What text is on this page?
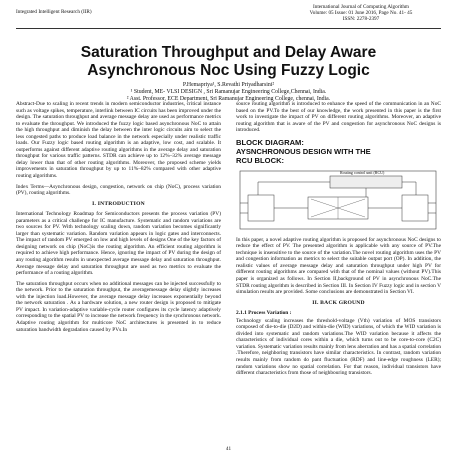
Integrated Intelligent Research (IIR)
International Journal of Computing Algorithm
Volume: 05 Issue: 01 June 2016, Page No. 41- 45
ISSN: 2278-2397
Saturation Throughput and Delay Aware
Asynchronous Noc Using Fuzzy Logic
P.Hemapriya¹, S.Revathi Priyadharsini²
¹ Student, ME- VLSI DESIGN , Sri Ramanujar Engineering College,Chennai, India.
² Asst. Professor, ECE Department, Sri Ramanujar Engineering College, chennai, India.

Abstract-Due to scaling in recent trends in modern semiconductor industries, critical instance such as voltage spikes, temperature, interlink between IC circuits has been improved under the design. The saturation throughput and average message delay are used as performance metrics to evaluate the throughput. We introduced the fuzzy logic based asynchronous NoC to attain the high throughput and diminish the delay between the inter logic circuits aim to select the less congested paths to produce load balance in the network especially under realistic traffic loads. Our Fuzzy logic based routing algorithm is an adaptive, low cost, and scalable. It outperforms against different adaptive routing algorithms in the average delay and saturation throughput for various traffic patterns. STDR can achieve up to 12%–32% average message delay lower than that of other routing algorithms. Moreover, the proposed scheme yields improvements in saturation throughput by up to 11%–82% compared with other adaptive routing algorithms.

Index Terms—Asynchronous design, congestion, network on chip (NoC), process variation (PV), routing algorithms.

I. INTRODUCTION

International Technology Roadmap for Semiconductors presents the process variation (PV) parameters as a critical challenge for IC manufacture. Systematic and random variations are two sources for PV. With technology scaling down, random variation becomes significantly larger than systematic variation. Random variation appears in logic gates and interconnects. The impact of random PV emerged on low and high levels of designs One of the key factors of designing network on chip (NoC)is the routing algorithm. An efficient routing algorithm is required to achieve high performance. Hence, ignoring the impact of PV during the design of any routing algorithm results in unexpected average message delay and saturation throughput. Average message delay and saturation throughput are used as two metrics to evaluate the performance of a routing algorithm.

The saturation throughput occurs when no additional messages can be injected successfully to the network. Prior to the saturation throughput, the averagemessage delay slightly increases with the injection load.However, the average message delay increases exponentially beyond the network saturation . As a hardware solution, a new router design is proposed to mitigate PV impact. In variation-adaptive variable-cycle router configures its cycle latency adaptively corresponding to the spatial PV to increase the network frequency in the synchronous network. Adaptive routing algorithm for multicore NoC architectures is presented in to reduce saturation bandwidth degradation caused by PVs.In

source routing algorithm is introduced to enhance the speed of the communication in an NoC based on the PV.To the best of our knowledge, the work presented in this paper is the first work to investigate the impact of PV on different routing algorithms. Moreover, an adaptive routing algorithm that is aware of the PV and congestion for asynchronous NoC designs is introduced.

BLOCK DIAGRAM:
AYSNCHRONOUS DESIGN WITH THE
RCU BLOCK:
Routing control unit (RCU)

In this paper, a novel adaptive routing algorithm is proposed for asynchronous NoC designs to reduce the effect of PV. The presented algorithm is applicable with any source of PV.The technique is insensitive to the source of the variation.The novel routing algorithm uses the PV and congestion information as metrics to select the suitable output port (OP). In addition, the realistic values of average message delay and saturation throughput under high PV for different routing algorithms are compared with that of the nominal values (without PV).This paper is organized as follows. In Section II,background of PV in asynchronous NoC.The STDR routing algorithm is described in Section III. In Section IV Fuzzy logic and in section V simulation results are provided. Some conclusions are demonstrated in Section VI.

II. BACK GROUND
2.1.1 Process Variation :

Technology scaling increases the threshold-voltage (Vth) variation of MOS transistors composed of die-to-die (D2D) and within-die (WID) variations, of which the WID variation is divided into systematic and random variations.The WID variation because it affects the characteristics of individual cores within a die, which turns out to be core-to-core (C2C) variation. Systematic variation results mainly from lens aberration and has a spatial correlation .Therefore, neighboring transistors have similar characteristics. In contrast, random variation results mainly from random do pant fluctuation (RDF) and line-edge roughness (LER); random variations show no spatial correlation. For that reason, individual transistors have different characteristics from those of neighbouring transistors.

41
